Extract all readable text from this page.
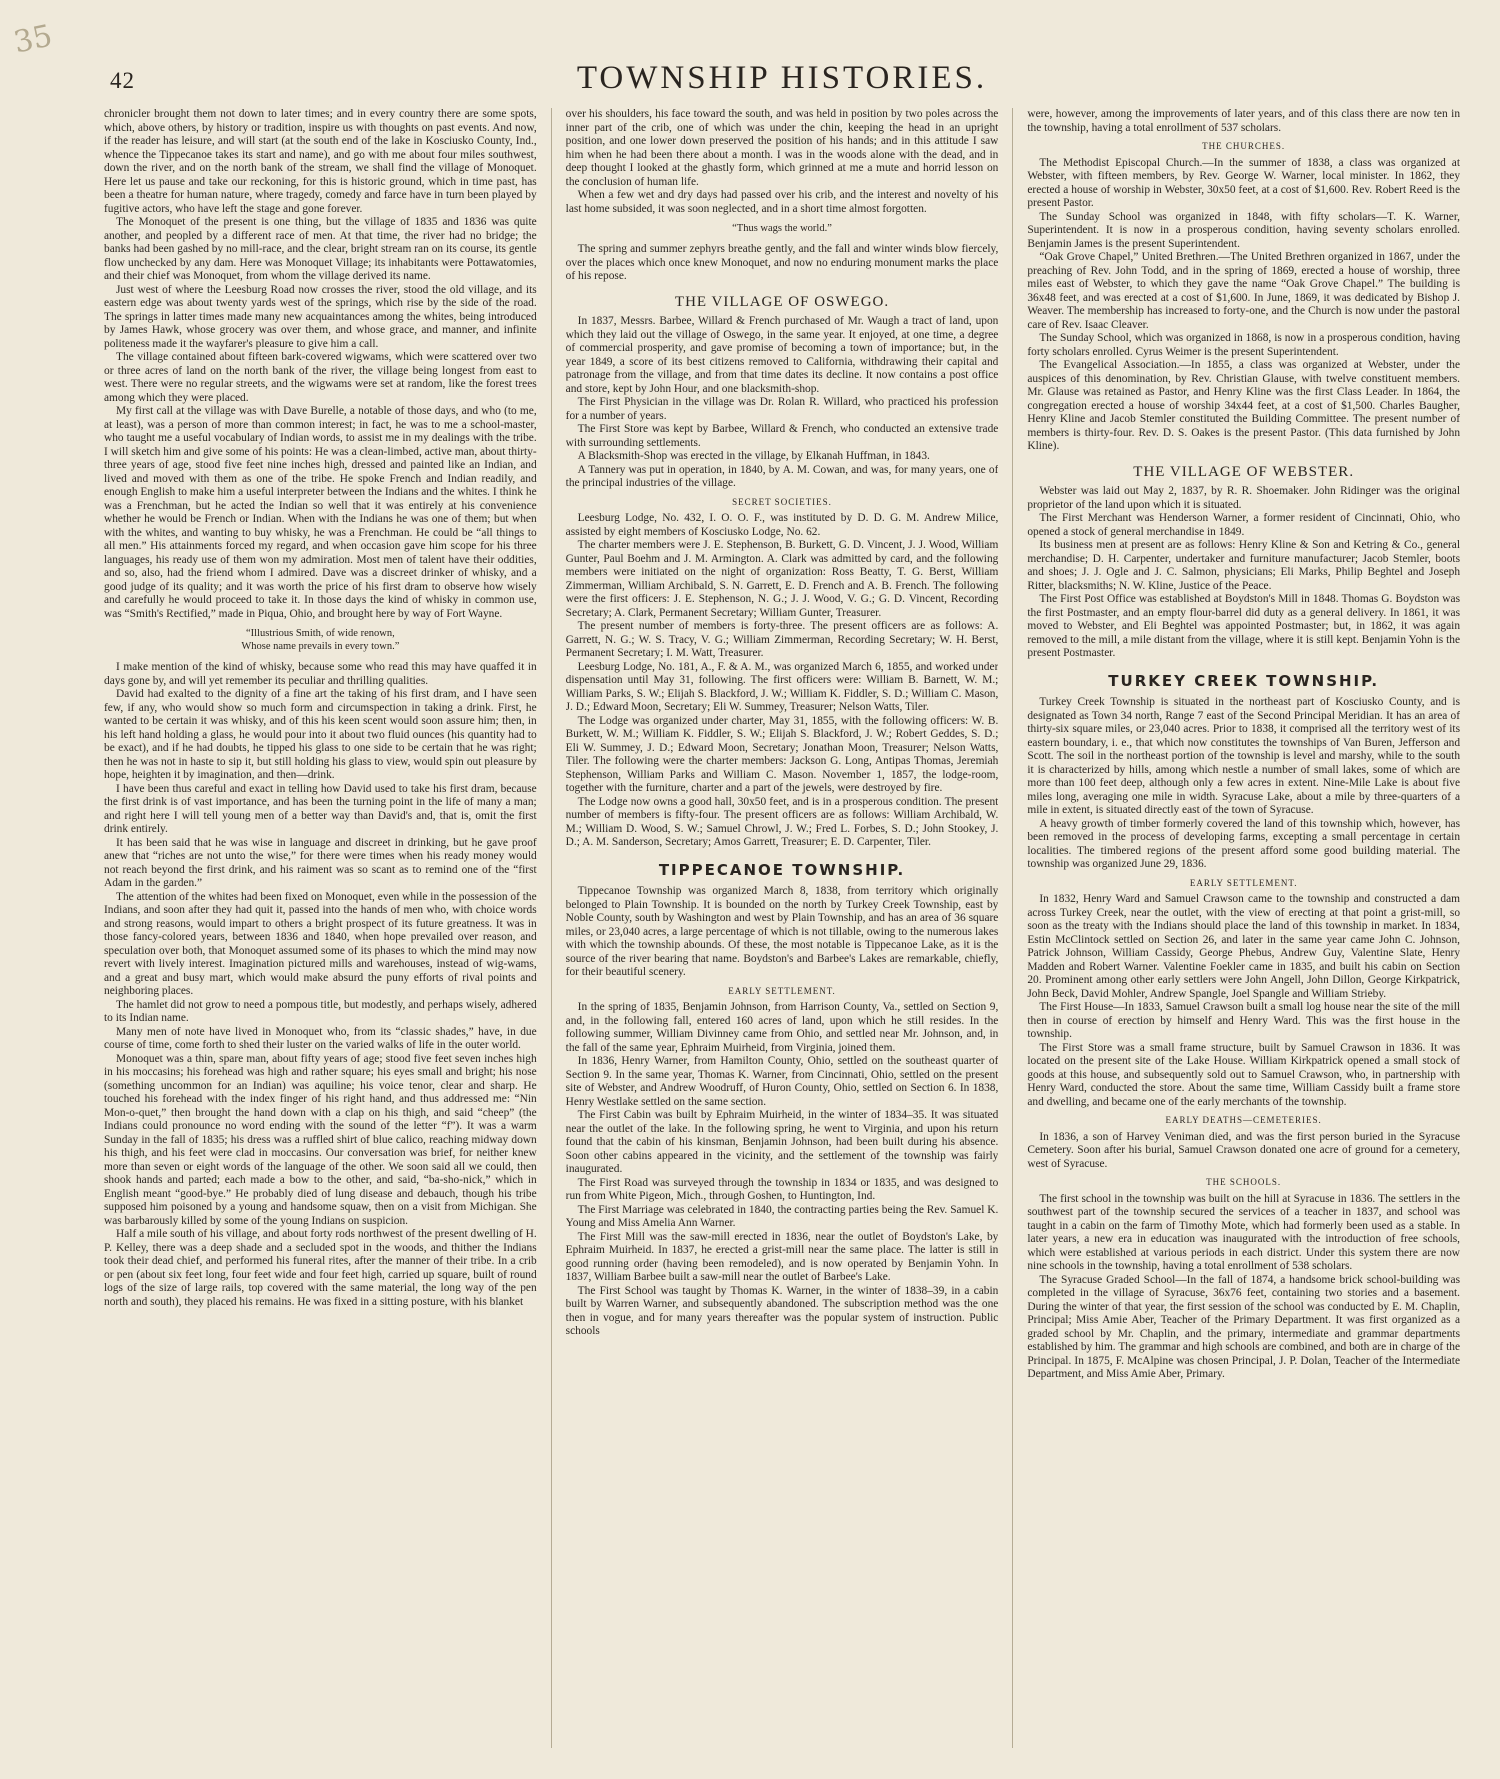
35
42	TOWNSHIP HISTORIES.

chronicler brought them not down to later times; and in every country there are some spots, which, above others, by history or tradition, inspire us with thoughts on past events. And now, if the reader has leisure, and will start (at the south end of the lake in Kosciusko County, Ind., whence the Tippecanoe takes its start and name), and go with me about four miles southwest, down the river, and on the north bank of the stream, we shall find the village of Monoquet. Here let us pause and take our reckoning, for this is historic ground, which in time past, has been a theatre for human nature, where tragedy, comedy and farce have in turn been played by fugitive actors, who have left the stage and gone forever.

The Monoquet of the present is one thing, but the village of 1835 and 1836 was quite another, and peopled by a different race of men. At that time, the river had no bridge; the banks had been gashed by no mill-race, and the clear, bright stream ran on its course, its gentle flow unchecked by any dam. Here was Monoquet Village; its inhabitants were Pottawatomies, and their chief was Monoquet, from whom the village derived its name.

Just west of where the Leesburg Road now crosses the river, stood the old village, and its eastern edge was about twenty yards west of the springs, which rise by the side of the road. The springs in latter times made many new acquaintances among the whites, being introduced by James Hawk, whose grocery was over them, and whose grace, and manner, and infinite politeness made it the wayfarer's pleasure to give him a call.

The village contained about fifteen bark-covered wigwams, which were scattered over two or three acres of land on the north bank of the river, the village being longest from east to west. There were no regular streets, and the wigwams were set at random, like the forest trees among which they were placed.

My first call at the village was with Dave Burelle, a notable of those days, and who (to me, at least), was a person of more than common interest; in fact, he was to me a school-master, who taught me a useful vocabulary of Indian words, to assist me in my dealings with the tribe. I will sketch him and give some of his points: He was a clean-limbed, active man, about thirty-three years of age, stood five feet nine inches high, dressed and painted like an Indian, and lived and moved with them as one of the tribe. He spoke French and Indian readily, and enough English to make him a useful interpreter between the Indians and the whites. I think he was a Frenchman, but he acted the Indian so well that it was entirely at his convenience whether he would be French or Indian. When with the Indians he was one of them; but when with the whites, and wanting to buy whisky, he was a Frenchman. He could be “all things to all men.” His attainments forced my regard, and when occasion gave him scope for his three languages, his ready use of them won my admiration. Most men of talent have their oddities, and so, also, had the friend whom I admired. Dave was a discreet drinker of whisky, and a good judge of its quality; and it was worth the price of his first dram to observe how wisely and carefully he would proceed to take it. In those days the kind of whisky in common use, was “Smith's Rectified,” made in Piqua, Ohio, and brought here by way of Fort Wayne.

“Illustrious Smith, of wide renown,
Whose name prevails in every town.”

I make mention of the kind of whisky, because some who read this may have quaffed it in days gone by, and will yet remember its peculiar and thrilling qualities.

David had exalted to the dignity of a fine art the taking of his first dram, and I have seen few, if any, who would show so much form and circumspection in taking a drink. First, he wanted to be certain it was whisky, and of this his keen scent would soon assure him; then, in his left hand holding a glass, he would pour into it about two fluid ounces (his quantity had to be exact), and if he had doubts, he tipped his glass to one side to be certain that he was right; then he was not in haste to sip it, but still holding his glass to view, would spin out pleasure by hope, heighten it by imagination, and then—drink.

I have been thus careful and exact in telling how David used to take his first dram, because the first drink is of vast importance, and has been the turning point in the life of many a man; and right here I will tell young men of a better way than David's and, that is, omit the first drink entirely.

It has been said that he was wise in language and discreet in drinking, but he gave proof anew that “riches are not unto the wise,” for there were times when his ready money would not reach beyond the first drink, and his raiment was so scant as to remind one of the “first Adam in the garden.”

The attention of the whites had been fixed on Monoquet, even while in the possession of the Indians, and soon after they had quit it, passed into the hands of men who, with choice words and strong reasons, would impart to others a bright prospect of its future greatness. It was in those fancy-colored years, between 1836 and 1840, when hope prevailed over reason, and speculation over both, that Monoquet assumed some of its phases to which the mind may now revert with lively interest. Imagination pictured mills and warehouses, instead of wig-wams, and a great and busy mart, which would make absurd the puny efforts of rival points and neighboring places.

The hamlet did not grow to need a pompous title, but modestly, and perhaps wisely, adhered to its Indian name.

Many men of note have lived in Monoquet who, from its “classic shades,” have, in due course of time, come forth to shed their luster on the varied walks of life in the outer world.

Monoquet was a thin, spare man, about fifty years of age; stood five feet seven inches high in his moccasins; his forehead was high and rather square; his eyes small and bright; his nose (something uncommon for an Indian) was aquiline; his voice tenor, clear and sharp. He touched his forehead with the index finger of his right hand, and thus addressed me: “Nin Mon-o-quet,” then brought the hand down with a clap on his thigh, and said “cheep” (the Indians could pronounce no word ending with the sound of the letter “f”). It was a warm Sunday in the fall of 1835; his dress was a ruffled shirt of blue calico, reaching midway down his thigh, and his feet were clad in moccasins. Our conversation was brief, for neither knew more than seven or eight words of the language of the other. We soon said all we could, then shook hands and parted; each made a bow to the other, and said, “ba-sho-nick,” which in English meant “good-bye.” He probably died of lung disease and debauch, though his tribe supposed him poisoned by a young and handsome squaw, then on a visit from Michigan. She was barbarously killed by some of the young Indians on suspicion.

Half a mile south of his village, and about forty rods northwest of the present dwelling of H. P. Kelley, there was a deep shade and a secluded spot in the woods, and thither the Indians took their dead chief, and performed his funeral rites, after the manner of their tribe. In a crib or pen (about six feet long, four feet wide and four feet high, carried up square, built of round logs of the size of large rails, top covered with the same material, the long way of the pen north and south), they placed his remains. He was fixed in a sitting posture, with his blanket

over his shoulders, his face toward the south, and was held in position by two poles across the inner part of the crib, one of which was under the chin, keeping the head in an upright position, and one lower down preserved the position of his hands; and in this attitude I saw him when he had been there about a month. I was in the woods alone with the dead, and in deep thought I looked at the ghastly form, which grinned at me a mute and horrid lesson on the conclusion of human life.

When a few wet and dry days had passed over his crib, and the interest and novelty of his last home subsided, it was soon neglected, and in a short time almost forgotten.

“Thus wags the world.”

The spring and summer zephyrs breathe gently, and the fall and winter winds blow fiercely, over the places which once knew Monoquet, and now no enduring monument marks the place of his repose.

THE VILLAGE OF OSWEGO.

In 1837, Messrs. Barbee, Willard & French purchased of Mr. Waugh a tract of land, upon which they laid out the village of Oswego, in the same year. It enjoyed, at one time, a degree of commercial prosperity, and gave promise of becoming a town of importance; but, in the year 1849, a score of its best citizens removed to California, withdrawing their capital and patronage from the village, and from that time dates its decline. It now contains a post office and store, kept by John Hour, and one blacksmith-shop.

The First Physician in the village was Dr. Rolan R. Willard, who practiced his profession for a number of years.

The First Store was kept by Barbee, Willard & French, who conducted an extensive trade with surrounding settlements.

A Blacksmith-Shop was erected in the village, by Elkanah Huffman, in 1843.

A Tannery was put in operation, in 1840, by A. M. Cowan, and was, for many years, one of the principal industries of the village.

SECRET SOCIETIES.

Leesburg Lodge, No. 432, I. O. O. F., was instituted by D. D. G. M. Andrew Milice, assisted by eight members of Kosciusko Lodge, No. 62.

The charter members were J. E. Stephenson, B. Burkett, G. D. Vincent, J. J. Wood, William Gunter, Paul Boehm and J. M. Armington. A. Clark was admitted by card, and the following members were initiated on the night of organization: Ross Beatty, T. G. Berst, William Zimmerman, William Archibald, S. N. Garrett, E. D. French and A. B. French. The following were the first officers: J. E. Stephenson, N. G.; J. J. Wood, V. G.; G. D. Vincent, Recording Secretary; A. Clark, Permanent Secretary; William Gunter, Treasurer.

The present number of members is forty-three. The present officers are as follows: A. Garrett, N. G.; W. S. Tracy, V. G.; William Zimmerman, Recording Secretary; W. H. Berst, Permanent Secretary; I. M. Watt, Treasurer.

Leesburg Lodge, No. 181, A., F. & A. M., was organized March 6, 1855, and worked under dispensation until May 31, following. The first officers were: William B. Barnett, W. M.; William Parks, S. W.; Elijah S. Blackford, J. W.; William K. Fiddler, S. D.; William C. Mason, J. D.; Edward Moon, Secretary; Eli W. Summey, Treasurer; Nelson Watts, Tiler.

The Lodge was organized under charter, May 31, 1855, with the following officers: W. B. Burkett, W. M.; William K. Fiddler, S. W.; Elijah S. Blackford, J. W.; Robert Geddes, S. D.; Eli W. Summey, J. D.; Edward Moon, Secretary; Jonathan Moon, Treasurer; Nelson Watts, Tiler. The following were the charter members: Jackson G. Long, Antipas Thomas, Jeremiah Stephenson, William Parks and William C. Mason. November 1, 1857, the lodge-room, together with the furniture, charter and a part of the jewels, were destroyed by fire.

The Lodge now owns a good hall, 30x50 feet, and is in a prosperous condition. The present number of members is fifty-four. The present officers are as follows: William Archibald, W. M.; William D. Wood, S. W.; Samuel Chrowl, J. W.; Fred L. Forbes, S. D.; John Stookey, J. D.; A. M. Sanderson, Secretary; Amos Garrett, Treasurer; E. D. Carpenter, Tiler.

TIPPECANOE TOWNSHIP.

Tippecanoe Township was organized March 8, 1838, from territory which originally belonged to Plain Township. It is bounded on the north by Turkey Creek Township, east by Noble County, south by Washington and west by Plain Township, and has an area of 36 square miles, or 23,040 acres, a large percentage of which is not tillable, owing to the numerous lakes with which the township abounds. Of these, the most notable is Tippecanoe Lake, as it is the source of the river bearing that name. Boydston's and Barbee's Lakes are remarkable, chiefly, for their beautiful scenery.

EARLY SETTLEMENT.

In the spring of 1835, Benjamin Johnson, from Harrison County, Va., settled on Section 9, and, in the following fall, entered 160 acres of land, upon which he still resides. In the following summer, William Divinney came from Ohio, and settled near Mr. Johnson, and, in the fall of the same year, Ephraim Muirheid, from Virginia, joined them.

In 1836, Henry Warner, from Hamilton County, Ohio, settled on the southeast quarter of Section 9. In the same year, Thomas K. Warner, from Cincinnati, Ohio, settled on the present site of Webster, and Andrew Woodruff, of Huron County, Ohio, settled on Section 6. In 1838, Henry Westlake settled on the same section.

The First Cabin was built by Ephraim Muirheid, in the winter of 1834–35. It was situated near the outlet of the lake. In the following spring, he went to Virginia, and upon his return found that the cabin of his kinsman, Benjamin Johnson, had been built during his absence. Soon other cabins appeared in the vicinity, and the settlement of the township was fairly inaugurated.

The First Road was surveyed through the township in 1834 or 1835, and was designed to run from White Pigeon, Mich., through Goshen, to Huntington, Ind.

The First Marriage was celebrated in 1840, the contracting parties being the Rev. Samuel K. Young and Miss Amelia Ann Warner.

The First Mill was the saw-mill erected in 1836, near the outlet of Boydston's Lake, by Ephraim Muirheid. In 1837, he erected a grist-mill near the same place. The latter is still in good running order (having been remodeled), and is now operated by Benjamin Yohn. In 1837, William Barbee built a saw-mill near the outlet of Barbee's Lake.

The First School was taught by Thomas K. Warner, in the winter of 1838–39, in a cabin built by Warren Warner, and subsequently abandoned. The subscription method was the one then in vogue, and for many years thereafter was the popular system of instruction. Public schools

were, however, among the improvements of later years, and of this class there are now ten in the township, having a total enrollment of 537 scholars.

THE CHURCHES.

The Methodist Episcopal Church.—In the summer of 1838, a class was organized at Webster, with fifteen members, by Rev. George W. Warner, local minister. In 1862, they erected a house of worship in Webster, 30x50 feet, at a cost of $1,600. Rev. Robert Reed is the present Pastor.

The Sunday School was organized in 1848, with fifty scholars—T. K. Warner, Superintendent. It is now in a prosperous condition, having seventy scholars enrolled. Benjamin James is the present Superintendent.

“Oak Grove Chapel,” United Brethren.—The United Brethren organized in 1867, under the preaching of Rev. John Todd, and in the spring of 1869, erected a house of worship, three miles east of Webster, to which they gave the name “Oak Grove Chapel.” The building is 36x48 feet, and was erected at a cost of $1,600. In June, 1869, it was dedicated by Bishop J. Weaver. The membership has increased to forty-one, and the Church is now under the pastoral care of Rev. Isaac Cleaver.

The Sunday School, which was organized in 1868, is now in a prosperous condition, having forty scholars enrolled. Cyrus Weimer is the present Superintendent.

The Evangelical Association.—In 1855, a class was organized at Webster, under the auspices of this denomination, by Rev. Christian Glause, with twelve constituent members. Mr. Glause was retained as Pastor, and Henry Kline was the first Class Leader. In 1864, the congregation erected a house of worship 34x44 feet, at a cost of $1,500. Charles Baugher, Henry Kline and Jacob Stemler constituted the Building Committee. The present number of members is thirty-four. Rev. D. S. Oakes is the present Pastor. (This data furnished by John Kline).

THE VILLAGE OF WEBSTER.

Webster was laid out May 2, 1837, by R. R. Shoemaker. John Ridinger was the original proprietor of the land upon which it is situated.

The First Merchant was Henderson Warner, a former resident of Cincinnati, Ohio, who opened a stock of general merchandise in 1849.

Its business men at present are as follows: Henry Kline & Son and Ketring & Co., general merchandise; D. H. Carpenter, undertaker and furniture manufacturer; Jacob Stemler, boots and shoes; J. J. Ogle and J. C. Salmon, physicians; Eli Marks, Philip Beghtel and Joseph Ritter, blacksmiths; N. W. Kline, Justice of the Peace.

The First Post Office was established at Boydston's Mill in 1848. Thomas G. Boydston was the first Postmaster, and an empty flour-barrel did duty as a general delivery. In 1861, it was moved to Webster, and Eli Beghtel was appointed Postmaster; but, in 1862, it was again removed to the mill, a mile distant from the village, where it is still kept. Benjamin Yohn is the present Postmaster.

TURKEY CREEK TOWNSHIP.

Turkey Creek Township is situated in the northeast part of Kosciusko County, and is designated as Town 34 north, Range 7 east of the Second Principal Meridian. It has an area of thirty-six square miles, or 23,040 acres. Prior to 1838, it comprised all the territory west of its eastern boundary, i. e., that which now constitutes the townships of Van Buren, Jefferson and Scott. The soil in the northeast portion of the township is level and marshy, while to the south it is characterized by hills, among which nestle a number of small lakes, some of which are more than 100 feet deep, although only a few acres in extent. Nine-Mile Lake is about five miles long, averaging one mile in width. Syracuse Lake, about a mile by three-quarters of a mile in extent, is situated directly east of the town of Syracuse.

A heavy growth of timber formerly covered the land of this township which, however, has been removed in the process of developing farms, excepting a small percentage in certain localities. The timbered regions of the present afford some good building material. The township was organized June 29, 1836.

EARLY SETTLEMENT.

In 1832, Henry Ward and Samuel Crawson came to the township and constructed a dam across Turkey Creek, near the outlet, with the view of erecting at that point a grist-mill, so soon as the treaty with the Indians should place the land of this township in market. In 1834, Estin McClintock settled on Section 26, and later in the same year came John C. Johnson, Patrick Johnson, William Cassidy, George Phebus, Andrew Guy, Valentine Slate, Henry Madden and Robert Warner. Valentine Foekler came in 1835, and built his cabin on Section 20. Prominent among other early settlers were John Angell, John Dillon, George Kirkpatrick, John Beck, David Mohler, Andrew Spangle, Joel Spangle and William Strieby.

The First House—In 1833, Samuel Crawson built a small log house near the site of the mill then in course of erection by himself and Henry Ward. This was the first house in the township.

The First Store was a small frame structure, built by Samuel Crawson in 1836. It was located on the present site of the Lake House. William Kirkpatrick opened a small stock of goods at this house, and subsequently sold out to Samuel Crawson, who, in partnership with Henry Ward, conducted the store. About the same time, William Cassidy built a frame store and dwelling, and became one of the early merchants of the township.

EARLY DEATHS—CEMETERIES.

In 1836, a son of Harvey Veniman died, and was the first person buried in the Syracuse Cemetery. Soon after his burial, Samuel Crawson donated one acre of ground for a cemetery, west of Syracuse.

THE SCHOOLS.

The first school in the township was built on the hill at Syracuse in 1836. The settlers in the southwest part of the township secured the services of a teacher in 1837, and school was taught in a cabin on the farm of Timothy Mote, which had formerly been used as a stable. In later years, a new era in education was inaugurated with the introduction of free schools, which were established at various periods in each district. Under this system there are now nine schools in the township, having a total enrollment of 538 scholars.

The Syracuse Graded School—In the fall of 1874, a handsome brick school-building was completed in the village of Syracuse, 36x76 feet, containing two stories and a basement. During the winter of that year, the first session of the school was conducted by E. M. Chaplin, Principal; Miss Amie Aber, Teacher of the Primary Department. It was first organized as a graded school by Mr. Chaplin, and the primary, intermediate and grammar departments established by him. The grammar and high schools are combined, and both are in charge of the Principal. In 1875, F. McAlpine was chosen Principal, J. P. Dolan, Teacher of the Intermediate Department, and Miss Amie Aber, Primary.
